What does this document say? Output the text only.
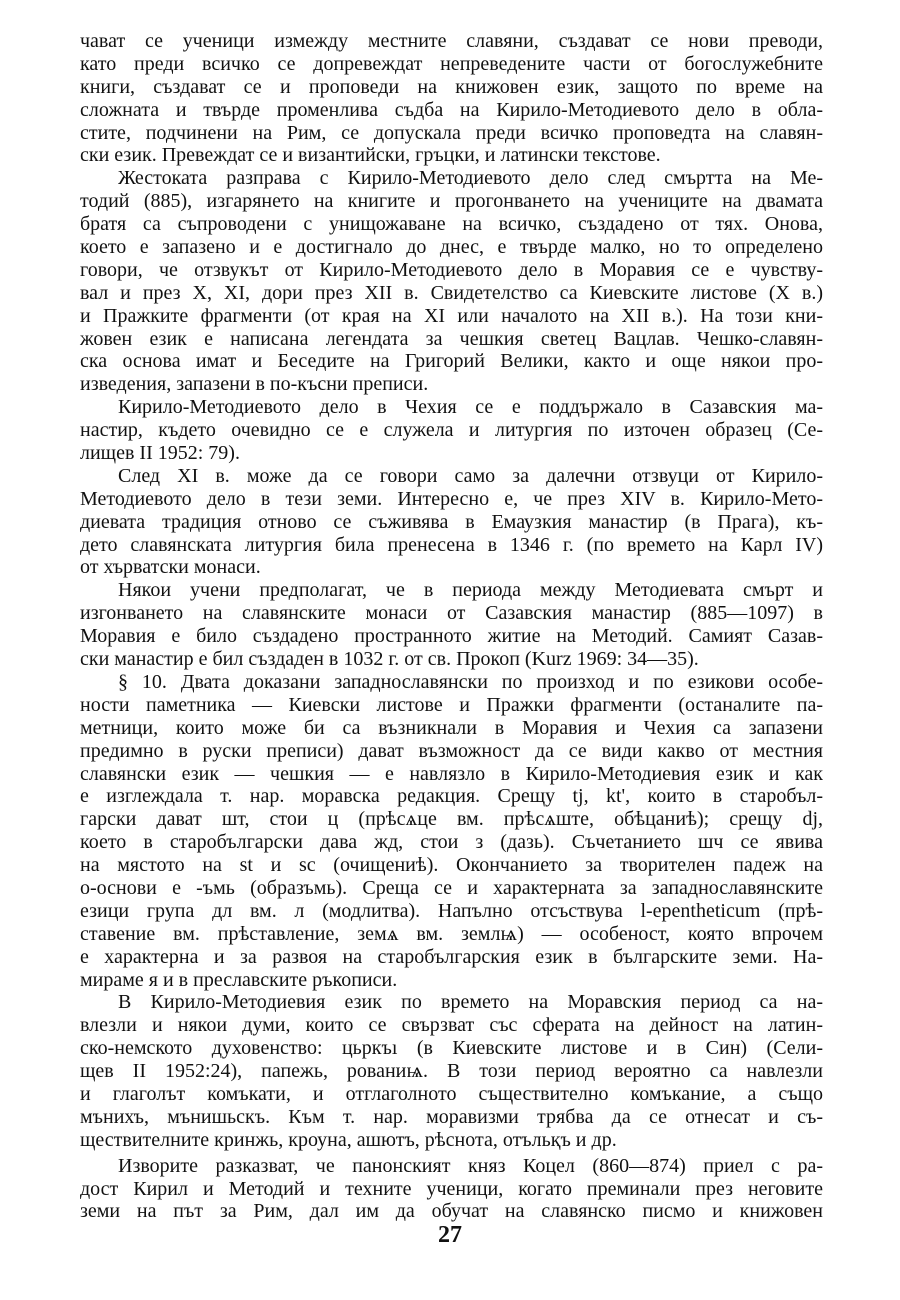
чават се ученици измежду местните славяни, създават се нови преводи,
като преди всичко се допревеждат непреведените части от богослужебните
книги, създават се и проповеди на книжовен език, защото по време на
сложната и твърде променлива съдба на Кирило-Методиевото дело в обла-
стите, подчинени на Рим, се допускала преди всичко проповедта на славян-
ски език. Превеждат се и византийски, гръцки, и латински текстове.
Жестоката разправа с Кирило-Методиевото дело след смъртта на Ме-
тодий (885), изгарянето на книгите и прогонването на учениците на двамата
братя са съпроводени с унищожаване на всичко, създадено от тях. Онова,
което е запазено и е достигнало до днес, е твърде малко, но то определено
говори, че отзвукът от Кирило-Методиевото дело в Моравия се е чувству-
вал и през X, XI, дори през XII в. Свидетелство са Киевските листове (X в.)
и Пражките фрагменти (от края на XI или началото на XII в.). На този кни-
жовен език е написана легендата за чешкия светец Вацлав. Чешко-славян-
ска основа имат и Беседите на Григорий Велики, както и още някои про-
изведения, запазени в по-късни преписи.
Кирило-Методиевото дело в Чехия се е поддържало в Сазавския ма-
настир, където очевидно се е служела и литургия по източен образец (Се-
лищев II 1952: 79).
След XI в. може да се говори само за далечни отзвуци от Кирило-
Методиевото дело в тези земи. Интересно е, че през XIV в. Кирило-Мето-
диевата традиция отново се съживява в Емаузкия манастир (в Прага), къ-
дето славянската литургия била пренесена в 1346 г. (по времето на Карл IV)
от хърватски монаси.
Някои учени предполагат, че в периода между Методиевата смърт и
изгонването на славянските монаси от Сазавския манастир (885—1097) в
Моравия е било създадено пространното житие на Методий. Самият Сазав-
ски манастир е бил създаден в 1032 г. от св. Прокоп (Kurz 1969: 34—35).
§ 10. Двата доказани западнославянски по произход и по езикови особе-
ности паметника — Киевски листове и Пражки фрагменти (останалите па-
метници, които може би са възникнали в Моравия и Чехия са запазени
предимно в руски преписи) дават възможност да се види какво от местния
славянски език — чешкия — е навлязло в Кирило-Методиевия език и как
е изглеждала т. нар. моравска редакция. Срещу tj, kt', които в старобъл-
гарски дават шт, стои ц (прѣсѧце вм. прѣсѧште, обѣцаниѣ); срещу dj,
което в старобългарски дава жд, стои з (дазь). Съчетанието шч се явива
на мястото на st и sc (очищениѣ). Окончанието за творителен падеж на
о-основи е -ъмь (образъмь). Среща се и характерната за западнославянските
езици група дл вм. л (модлитва). Напълно отсъствува l-epentheticum (прѣ-
ставение вм. прѣставление, земѧ вм. землѩ) — особеност, която впрочем
е характерна и за развоя на старобългарския език в българските земи. На-
мираме я и в преславските ръкописи.
В Кирило-Методиевия език по времето на Моравския период са на-
влезли и някои думи, които се свързват със сферата на дейност на латин-
ско-немското духовенство: цьркъı (в Киевските листове и в Син) (Сели-
щев II 1952:24), папежь, рованиѩ. В този период вероятно са навлезли
и глаголът комъкати, и отглаголното съществително комъкание, а също
мънихъ, мънишьскъ. Към т. нар. моравизми трябва да се отнесат и съ-
ществителните кринжь, кроуна, ашютъ, рѣснота, отъльқъ и др.
Изворите разказват, че панонският княз Коцел (860—874) приел с ра-
дост Кирил и Методий и техните ученици, когато преминали през неговите
земи на път за Рим, дал им да обучат на славянско писмо и книжовен
27
